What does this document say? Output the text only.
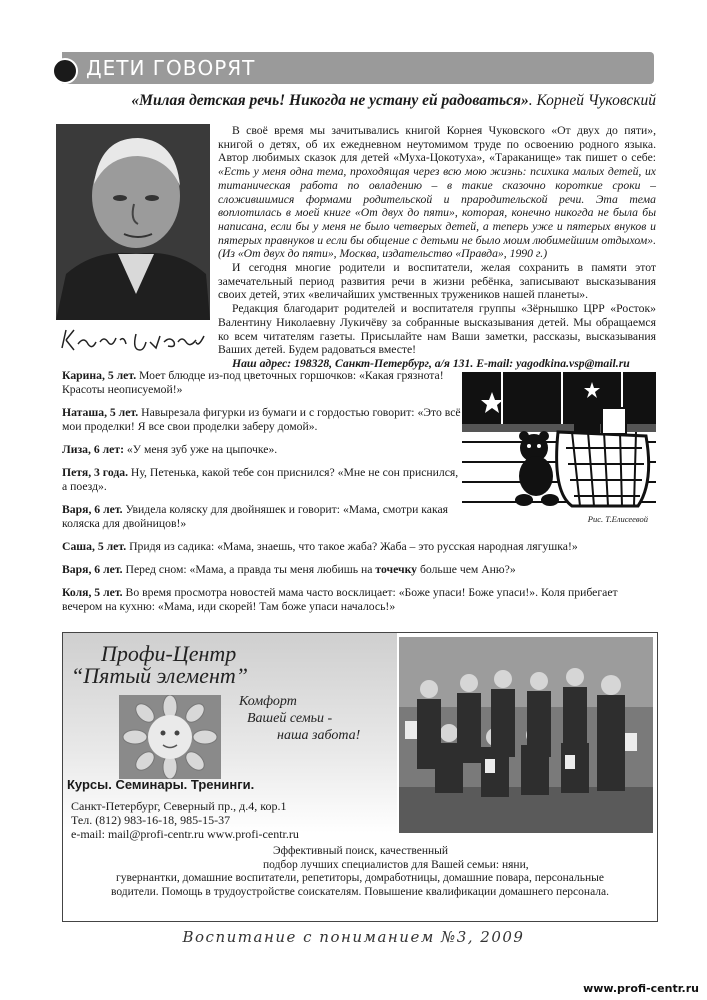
ДЕТИ ГОВОРЯТ
«Милая детская речь! Никогда не устану ей радоваться». Корней Чуковский

В своё время мы зачитывались книгой Корнея Чуковского «От двух до пяти», книгой о детях, об их ежедневном неутомимом труде по освоению родного языка. Автор любимых сказок для детей «Муха-Цокотуха», «Тараканище» так пишет о себе: «Есть у меня одна тема, проходящая через всю мою жизнь: психика малых детей, их титаническая работа по овладению – в такие сказочно короткие сроки – сложившимися формами родительской и прародительской речи. Эта тема воплотилась в моей книге «От двух до пяти», которая, конечно никогда не была бы написана, если бы у меня не было четверых детей, а теперь уже и пятерых внуков и пятерых правнуков и если бы общение с детьми не было моим любимейшим отдыхом». (Из «От двух до пяти», Москва, издательство «Правда», 1990 г.)

И сегодня многие родители и воспитатели, желая сохранить в памяти этот замечательный период развития речи в жизни ребёнка, записывают высказывания своих детей, этих «величайших умственных тружеников нашей планеты».

Редакция благодарит родителей и воспитателя группы «Зёрнышко ЦРР «Росток» Валентину Николаевну Лукичёву за собранные высказывания детей. Мы обращаемся ко всем читателям газеты. Присылайте нам Ваши заметки, рассказы, высказывания Ваших детей. Будем радоваться вместе!

Наш адрес: 198328, Санкт-Петербург, а/я 131. E-mail: yagodkina.vsp@mail.ru

Карина, 5 лет. Моет блюдце из-под цветочных горшочков: «Какая грязнота! Красоты неописуемой!»

Наташа, 5 лет. Навырезала фигурки из бумаги и с гордостью говорит: «Это всё мои проделки! Я все свои проделки заберу домой».

Лиза, 6 лет: «У меня зуб уже на цыпочке».

Петя, 3 года. Ну, Петенька, какой тебе сон приснился? «Мне не сон приснился, а поезд».

Варя, 6 лет. Увидела коляску для двойняшек и говорит: «Мама, смотри какая коляска для двойницов!»

Саша, 5 лет. Придя из садика: «Мама, знаешь, что такое жаба? Жаба – это русская народная лягушка!»

Варя, 6 лет. Перед сном: «Мама, а правда ты меня любишь на точечку больше чем Аню?»

Коля, 5 лет. Во время просмотра новостей мама часто восклицает: «Боже упаси! Боже упаси!». Коля прибегает вечером на кухню: «Мама, иди скорей! Там боже упаси началось!»

Рис. Т.Елисеевой
Профи-Центр
“Пятый элемент”
Комфорт
Вашей семьи -
наша забота!
Курсы. Семинары. Тренинги.
Санкт-Петербург, Северный пр., д.4, кор.1
Тел. (812) 983-16-18, 985-15-37
e-mail: mail@profi-centr.ru www.profi-centr.ru
Эффективный поиск, качественный
подбор лучших специалистов для Вашей семьи: няни,
гувернантки, домашние воспитатели, репетиторы, домработницы, домашние повара, персональные
водители. Помощь в трудоустройстве соискателям. Повышение квалификации домашнего персонала.
Воспитание с пониманием №3, 2009
www.profi-centr.ru
